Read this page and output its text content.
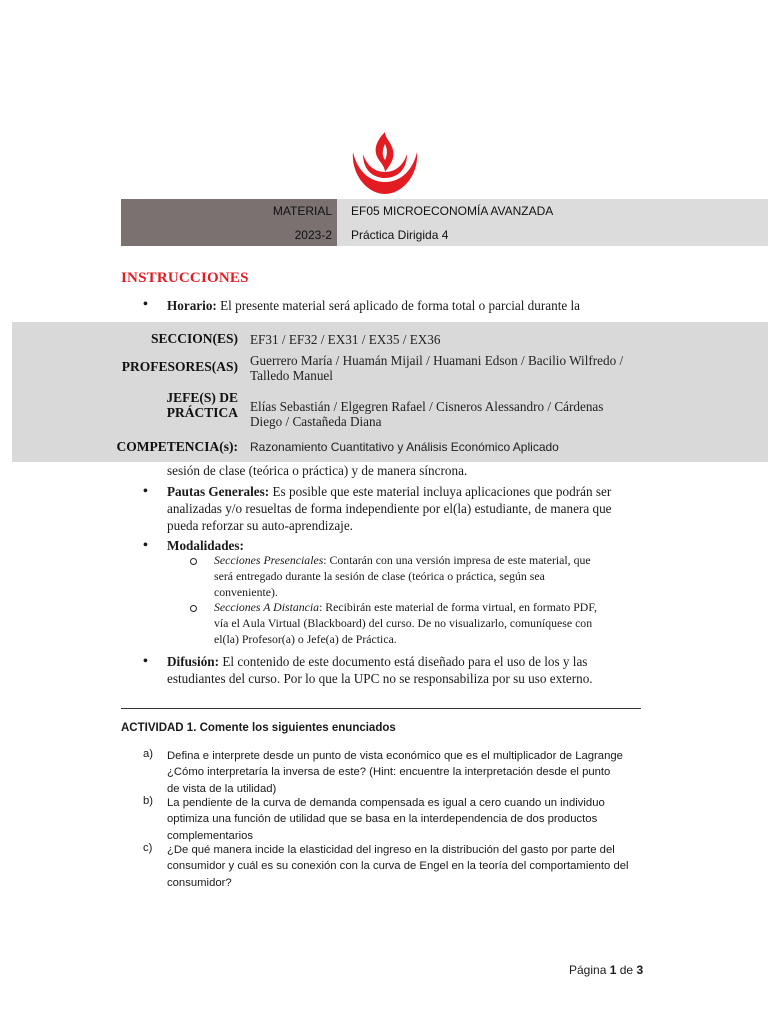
MATERIAL EF05 MICROECONOMÍA AVANZADA
2023-2 Práctica Dirigida 4
INSTRUCCIONES
• Horario: El presente material será aplicado de forma total o parcial durante la
SECCION(ES) EF31 / EF32 / EX31 / EX35 / EX36
PROFESORES(AS) Guerrero María / Huamán Mijail / Huamani Edson / Bacilio Wilfredo /
Talledo Manuel
JEFE(S) DE
PRÁCTICA Elías Sebastián / Elgegren Rafael / Cisneros Alessandro / Cárdenas
Diego / Castañeda Diana
COMPETENCIA(s): Razonamiento Cuantitativo y Análisis Económico Aplicado
sesión de clase (teórica o práctica) y de manera síncrona.
• Pautas Generales: Es posible que este material incluya aplicaciones que podrán ser
analizadas y/o resueltas de forma independiente por el(la) estudiante, de manera que
pueda reforzar su auto-aprendizaje.
• Modalidades:
Secciones Presenciales: Contarán con una versión impresa de este material, que
será entregado durante la sesión de clase (teórica o práctica, según sea
conveniente).
Secciones A Distancia: Recibirán este material de forma virtual, en formato PDF,
vía el Aula Virtual (Blackboard) del curso. De no visualizarlo, comuníquese con
el(la) Profesor(a) o Jefe(a) de Práctica.
• Difusión: El contenido de este documento está diseñado para el uso de los y las
estudiantes del curso. Por lo que la UPC no se responsabiliza por su uso externo.
ACTIVIDAD 1. Comente los siguientes enunciados
a) Defina e interprete desde un punto de vista económico que es el multiplicador de Lagrange
¿Cómo interpretaría la inversa de este? (Hint: encuentre la interpretación desde el punto
de vista de la utilidad)
b) La pendiente de la curva de demanda compensada es igual a cero cuando un individuo
optimiza una función de utilidad que se basa en la interdependencia de dos productos
complementarios
c) ¿De qué manera incide la elasticidad del ingreso en la distribución del gasto por parte del
consumidor y cuál es su conexión con la curva de Engel en la teoría del comportamiento del
consumidor?
Página 1 de 3
